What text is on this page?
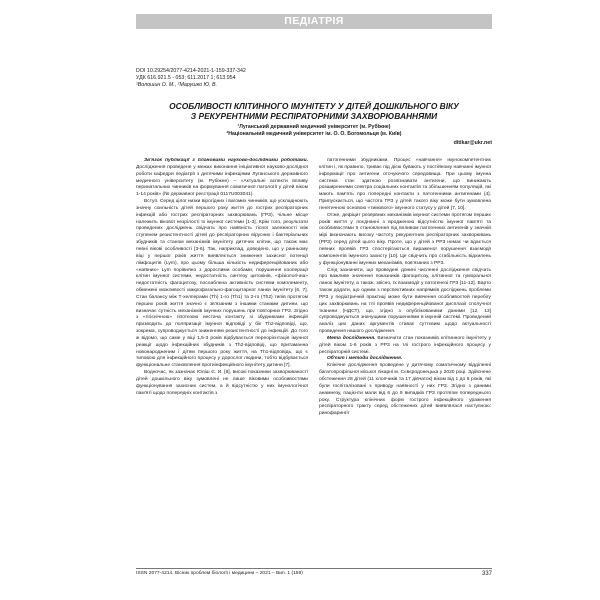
ПЕДІАТРІЯ
DOI 10.29254/2077-4214-2021-1-159-337-342
УДК 616.921.5 - 053; 611.2017 1; 613.954
¹Волошин О. М., ²Марушко Ю. В.
ОСОБЛИВОСТІ КЛІТИННОГО ІМУНІТЕТУ У ДІТЕЙ ДОШКІЛЬНОГО ВІКУ
З РЕКУРЕНТНИМИ РЕСПІРАТОРНИМИ ЗАХВОРЮВАННЯМИ
¹Луганський державний медичний університет (м. Рубіжне)
²Національний медичний університет ім. О. О. Богомольця (м. Київ)
ditikar@ukr.net

Зв'язок публікації з плановими науково-дослідними роботами. Дослідження проведене у межах виконання ініціативної науково-дослідної роботи кафедри педіатрії з дитячими інфекціями Луганського державного медичного університету (м. Рубіжне) – «Актуальні аспекти впливу перинатальних чинників на формування соматичної патології у дітей віком 1-14 років» (№ державної реєстрації 0117U003041).

Вступ. Серед цілої низки вірогідних і вагомих чинників, що ускладнюють значну схильність дітей першого року життя до гострих респіраторних інфекцій або гострих респіраторних захворювань (ГРЗ), чільне місце належить вікової незрілості їх імунної системи [1-3]. Крім того, результати проведених досліджень свідчать про наявність тісної залежності між ступенем резистентності дітей до респіраторних вірусних і бактеріальних збудників та станом механізмів імунітету дитячих клітин, що також має певні вікові особливості [3-6]. Так, наприклад, доведено, що у ранньому віці у першої років життя виявляється зниження захисної потенції лімфоцитів (Lym), про цьому більша кількість недиференційованих або «наївних» Lym порівняно з дорослими особами, порушення кооперації клітин імунної системи, недостатність синтезу цитокінів, «фізіологічна» недостатність фагоцитозу, послаблена активність системи комплементу, обмежені можливості макрофагально-фагоцитарної ланки імунітету [6, 7]. Стан балансу між Т-хелперами (Th) 1-го (Th1) та 2-го (Th2) типів протягом перших років життя значно є зв'язаним з іншими станами дитини, що визначає сутність механізмів імунних порушень при повторних ГРЗ. Згідно з «гігієнічною» гіпотезою нестача контакту зі збудниками інфекцій призводить до поляризації імунної відповіді у бік Th2-відповіді, що, зокрема, супроводжується зниженням резистентності до інфекцій. До того ж відомо, що саме у віці 1,5-3 років відбувається переорієнтація імунної реакції щодо інфекційних збудників з Th2-відповіді, що притаманна новонародженим і дітям першого року життя, на Th1-відповідь, що є типовою для інфекційного процесу у дорослої людини, тобто відбувається функціональне становлення протиінфекційного імунітету дитини [7].

Водночас, як зазначає Юліш Є. И. [8], високі показники захворюваності дітей дошкільного віку зумовлені не лише віковими особливостями функціонування захисних систем, а й відсутністю у них імунологічної пам'яті щодо попередніх контактів з

патогенними збудниками. Процес «навчання» імунокомпетентних клітин і, як правило, триває під дією бувають у постійному навчанні імунної інформації про антигени оточуючого середовища. При цьому імунна система стає здатною розпізнавати антигени, що виникають розширеннями спектра соціальних контактів та збільшенням популяцій, які мають пам'ять про попередні контакти з патогенними антигенами [4]. Припускається, що частота ГРЗ у дітей такого віку може бути зумовлена генетичною основою «тимового» імунного статусу у дітей [7, 10].

Отже, дефіцит резервних механізмів імунної системи протягом перших років життя у поєднанні з вродженою відсутністю імунної пам'яті та особливостями її становлення під впливом патогенних антигенів у значній мірі визначають високу частоту рекурентних респіраторних захворювань (РРЗ) серед дітей цього віку. Проте, що у дітей з РРЗ немає чи вдається певних проявів ГРЗ спостерігаються вираженої порушення взаємодії компонентів імунного захисту [10]. Це свідчить про стабільність відхилень у функціонуванні імунних механізмів, пов'язаних з РРЗ.

Слід зазначити, що проведені донині численні дослідження свідчать про важливе значення показників фагоцитозу, клітинної та гуморальної ланок імунітету, а також, звісно, їх взаємодії у патогенезі ГРЗ [11-12]. Варто також додати, що одним з перспективних напрямків досліджень проблеми РРЗ у педіатричній практиці може бути вивчення особливостей перебігу цих захворювань на тлі проявів недиференційованої дисплазії сполучної тканини (НДСТ), що, згідно з опублікованими даними [12, 13] супроводжуються значущими порушеннями в імунній системі. Проведений аналіз цих даних аргументів ставає суттєвим щодо актуальності проведення нашого дослідження.

Мета дослідження. Визначити стан показників клітинного імунітету у дітей віком 1-6 років з РРЗ на тлі гострого інфекційного процесу у респіраторній системі.

Об'єкт і методи дослідження.

Клінічне дослідження проведене у дитячому соматичному відділенні багатопрофільної міської лікарні м. Сєвєродонецька у 2020 році. Здійснене обстеження 28 дітей (11 хлопчиків та 17 дівчаток) віком від 1 до 6 років, які були госпіталізовані з приводу наявності у них ГРЗ. Згідно з даними анамнезу, пацієнти мали від 6 до 9 випадків ГРЗ протягом попереднього року. Структура клінічних форм гострого інфекційного ураження респіраторного тракту серед обстежених дітей виявлялася наступною: ринофарингіт

ISSN 2077-4214. Вісник проблем біології і медицини – 2021 – Вип. 1 (159)	337
